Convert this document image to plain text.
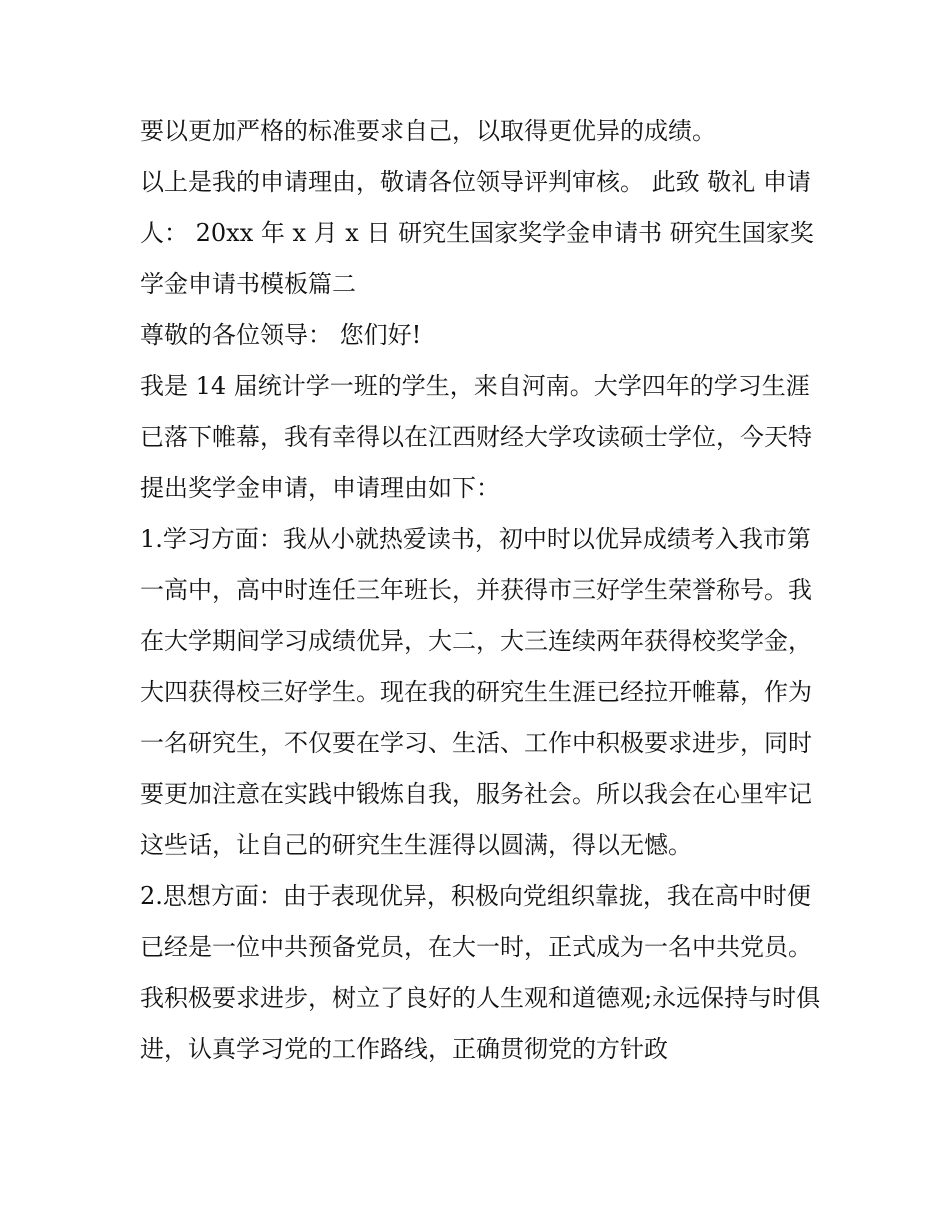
要以更加严格的标准要求自己，以取得更优异的成绩。

以上是我的申请理由，敬请各位领导评判审核。 此致 敬礼 申请人： 20xx 年 x 月 x 日 研究生国家奖学金申请书 研究生国家奖学金申请书模板篇二

尊敬的各位领导： 您们好!

我是 14 届统计学一班的学生，来自河南。大学四年的学习生涯已落下帷幕，我有幸得以在江西财经大学攻读硕士学位，今天特提出奖学金申请，申请理由如下：

1.学习方面：我从小就热爱读书，初中时以优异成绩考入我市第一高中，高中时连任三年班长，并获得市三好学生荣誉称号。我在大学期间学习成绩优异，大二，大三连续两年获得校奖学金，大四获得校三好学生。现在我的研究生生涯已经拉开帷幕，作为一名研究生，不仅要在学习、生活、工作中积极要求进步，同时要更加注意在实践中锻炼自我，服务社会。所以我会在心里牢记这些话，让自己的研究生生涯得以圆满，得以无憾。

2.思想方面：由于表现优异，积极向党组织靠拢，我在高中时便已经是一位中共预备党员，在大一时，正式成为一名中共党员。我积极要求进步，树立了良好的人生观和道德观;永远保持与时俱进，认真学习党的工作路线，正确贯彻党的方针政
